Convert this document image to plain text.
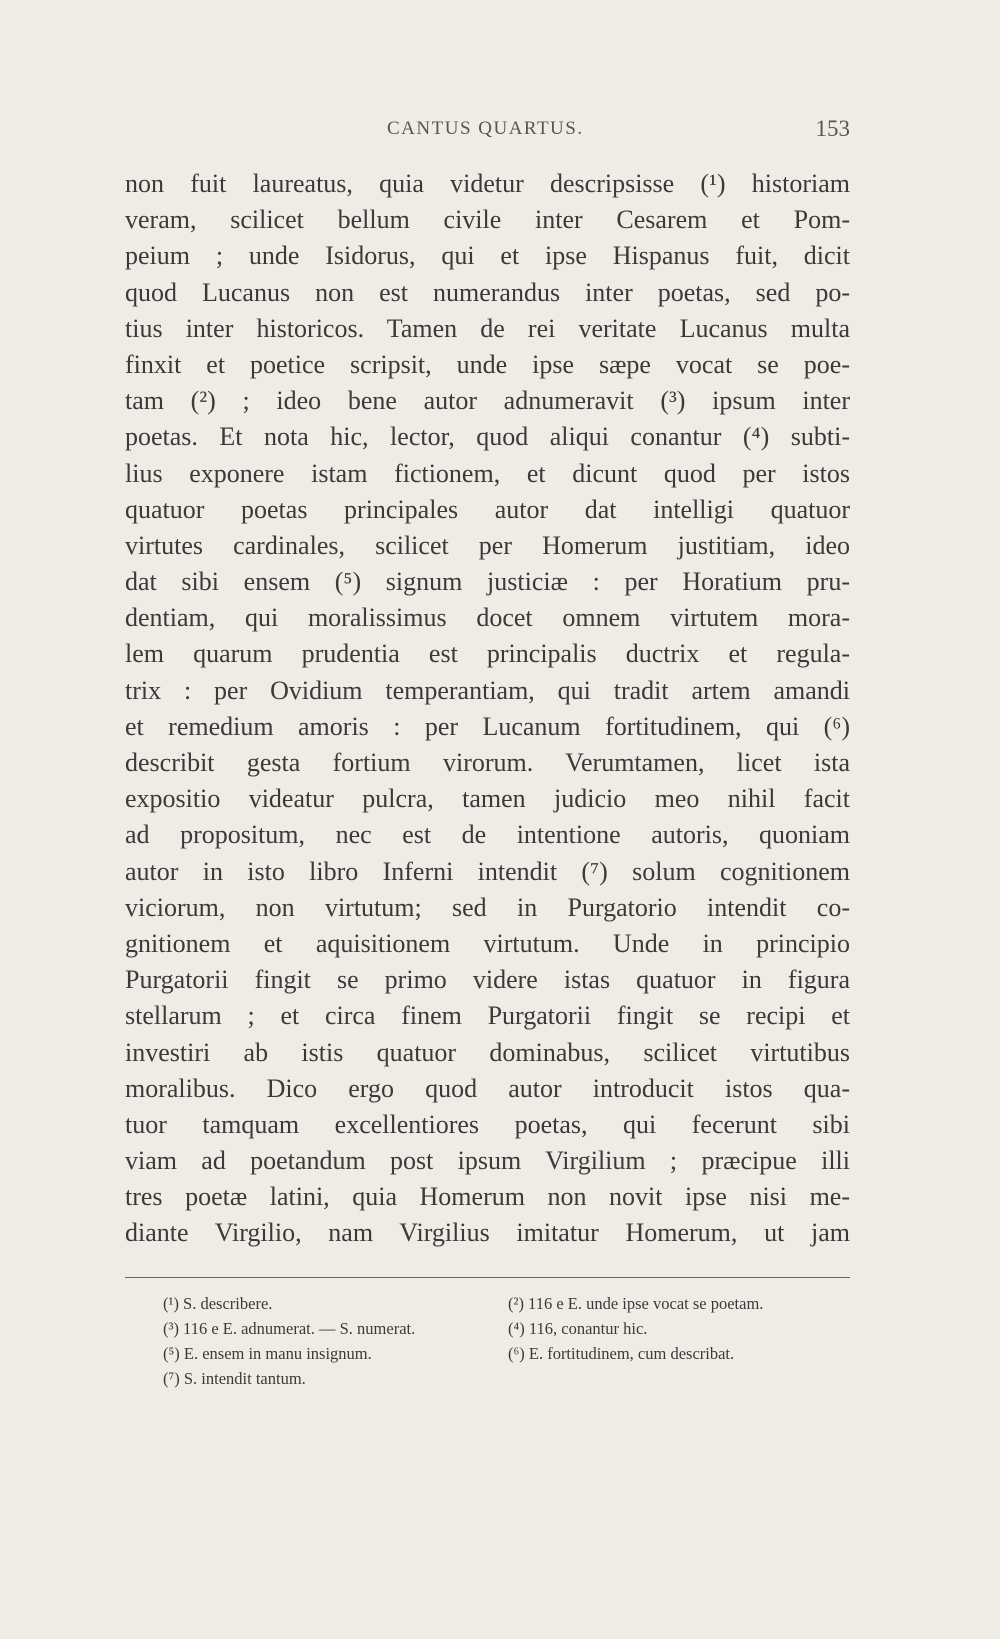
CANTUS QUARTUS.	153
non fuit laureatus, quia videtur descripsisse (¹) historiam
veram, scilicet bellum civile inter Cesarem et Pom-
peium ; unde Isidorus, qui et ipse Hispanus fuit, dicit
quod Lucanus non est numerandus inter poetas, sed po-
tius inter historicos. Tamen de rei veritate Lucanus multa
finxit et poetice scripsit, unde ipse sæpe vocat se poe-
tam (²) ; ideo bene autor adnumeravit (³) ipsum inter
poetas. Et nota hic, lector, quod aliqui conantur (⁴) subti-
lius exponere istam fictionem, et dicunt quod per istos
quatuor poetas principales autor dat intelligi quatuor
virtutes cardinales, scilicet per Homerum justitiam, ideo
dat sibi ensem (⁵) signum justiciæ : per Horatium pru-
dentiam, qui moralissimus docet omnem virtutem mora-
lem quarum prudentia est principalis ductrix et regula-
trix : per Ovidium temperantiam, qui tradit artem amandi
et remedium amoris : per Lucanum fortitudinem, qui (⁶)
describit gesta fortium virorum. Verumtamen, licet ista
expositio videatur pulcra, tamen judicio meo nihil facit
ad propositum, nec est de intentione autoris, quoniam
autor in isto libro Inferni intendit (⁷) solum cognitionem
viciorum, non virtutum; sed in Purgatorio intendit co-
gnitionem et aquisitionem virtutum. Unde in principio
Purgatorii fingit se primo videre istas quatuor in figura
stellarum ; et circa finem Purgatorii fingit se recipi et
investiri ab istis quatuor dominabus, scilicet virtutibus
moralibus. Dico ergo quod autor introducit istos qua-
tuor tamquam excellentiores poetas, qui fecerunt sibi
viam ad poetandum post ipsum Virgilium ; præcipue illi
tres poetæ latini, quia Homerum non novit ipse nisi me-
diante Virgilio, nam Virgilius imitatur Homerum, ut jam
(¹) S. describere.	(²) 116 e E. unde ipse vocat se poetam.
(³) 116 e E. adnumerat. — S. numerat.	(⁴) 116, conantur hic.
(⁵) E. ensem in manu insignum.	(⁶) E. fortitudinem, cum describat.
(⁷) S. intendit tantum.
